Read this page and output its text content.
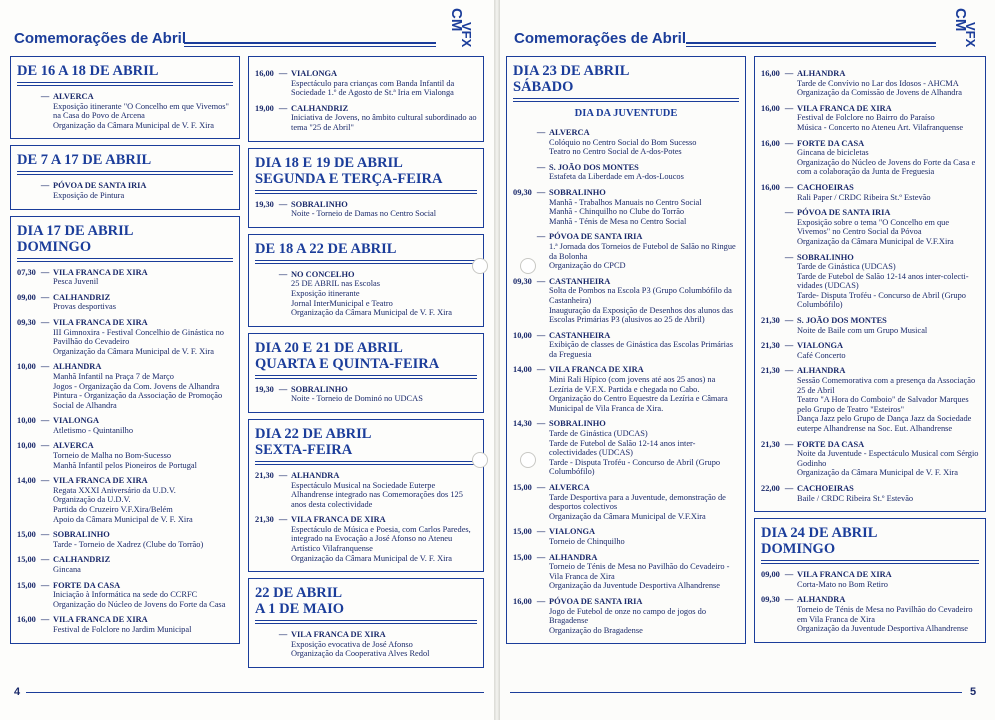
Comemorações de Abril
CM
VFX
DE 16 A 18 DE ABRIL
— ALVERCA
Exposição itinerante "O Concelho em que Vivemos" na Casa do Povo de Arcena
Organização da Câmara Municipal de V. F. Xira
DE 7 A 17 DE ABRIL
— PÓVOA DE SANTA IRIA
Exposição de Pintura
DIA 17 DE ABRIL
DOMINGO
07,30 — VILA FRANCA DE XIRA
Pesca Juvenil
09,00 — CALHANDRIZ
Provas desportivas
09,30 — VILA FRANCA DE XIRA
III Gimnoxira - Festival Concelhio de Ginástica no Pavilhão do Cevadeiro
Organização da Câmara Municipal de V. F. Xira
10,00 — ALHANDRA
Manhã Infantil na Praça 7 de Março
Jogos - Organização da Com. Jovens de Alhandra
Pintura - Organização da Associação de Promoção Social de Alhandra
10,00 — VIALONGA
Atletismo - Quintanilho
10,00 — ALVERCA
Torneio de Malha no Bom-Sucesso
Manhã Infantil pelos Pioneiros de Portugal
14,00 — VILA FRANCA DE XIRA
Regata XXXI Aniversário da U.D.V.
Organização da U.D.V.
Partida do Cruzeiro V.F.Xira/Belém
Apoio da Câmara Municipal de V. F. Xira
15,00 — SOBRALINHO
Tarde - Torneio de Xadrez (Clube do Torrão)
15,00 — CALHANDRIZ
Gincana
15,00 — FORTE DA CASA
Iniciação à Informática na sede do CCRFC
Organização do Núcleo de Jovens do Forte da Casa
16,00 — VILA FRANCA DE XIRA
Festival de Folclore no Jardim Municipal
16,00 — VIALONGA
Espectáculo para crianças com Banda Infantil da Sociedade 1.º de Agosto de St.ª Iria em Vialonga
19,00 — CALHANDRIZ
Iniciativa de Jovens, no âmbito cultural subordinado ao tema "25 de Abril"
DIA 18 E 19 DE ABRIL
SEGUNDA E TERÇA-FEIRA
19,30 — SOBRALINHO
Noite - Torneio de Damas no Centro Social
DE 18 A 22 DE ABRIL
— NO CONCELHO
25 DE ABRIL nas Escolas
Exposição itinerante
Jornal InterMunicipal e Teatro
Organização da Câmara Municipal de V. F. Xira
DIA 20 E 21 DE ABRIL
QUARTA E QUINTA-FEIRA
19,30 — SOBRALINHO
Noite - Torneio de Dominó no UDCAS
DIA 22 DE ABRIL
SEXTA-FEIRA
21,30 — ALHANDRA
Espectáculo Musical na Sociedade Euterpe Alhandrense integrado nas Comemorações dos 125 anos desta colectividade
21,30 — VILA FRANCA DE XIRA
Espectáculo de Música e Poesia, com Carlos Paredes, integrado na Evocação a José Afonso no Ateneu Artístico Vilafranquense
Organização da Câmara Municipal de V. F. Xira
22 DE ABRIL
A 1 DE MAIO
— VILA FRANCA DE XIRA
Exposição evocativa de José Afonso
Organização da Cooperativa Alves Redol
4
Comemorações de Abril
CM
VFX
DIA 23 DE ABRIL
SÁBADO
DIA DA JUVENTUDE
— ALVERCA
Colóquio no Centro Social do Bom Sucesso
Teatro no Centro Social de A-dos-Potes
— S. JOÃO DOS MONTES
Estafeta da Liberdade em A-dos-Loucos
09,30 — SOBRALINHO
Manhã - Trabalhos Manuais no Centro Social
Manhã - Chinquilho no Clube do Torrão
Manhã - Ténis de Mesa no Centro Social
— PÓVOA DE SANTA IRIA
1.ª Jornada dos Torneios de Futebol de Salão no Ringue da Bolonha
Organização do CPCD
09,30 — CASTANHEIRA
Solta de Pombos na Escola P3 (Grupo Columbófilo da Castanheira)
Inauguração da Exposição de Desenhos dos alunos das Escolas Primárias P3 (alusivos ao 25 de Abril)
10,00 — CASTANHEIRA
Exibição de classes de Ginástica das Escolas Primárias da Freguesia
14,00 — VILA FRANCA DE XIRA
Mini Rali Hípico (com jovens até aos 25 anos) na Lezíria de V.F.X. Partida e chegada no Cabo.
Organização do Centro Equestre da Lezíria e Câmara Municipal de Vila Franca de Xira.
14,30 — SOBRALINHO
Tarde de Ginástica (UDCAS)
Tarde de Futebol de Salão 12-14 anos inter-colectividades (UDCAS)
Tarde - Disputa Troféu - Concurso de Abril (Grupo Columbófilo)
15,00 — ALVERCA
Tarde Desportiva para a Juventude, demonstração de desportos colectivos
Organização da Câmara Municipal de V.F.Xira
15,00 — VIALONGA
Torneio de Chinquilho
15,00 — ALHANDRA
Torneio de Ténis de Mesa no Pavilhão do Cevadeiro - Vila Franca de Xira
Organização da Juventude Desportiva Alhandrense
16,00 — PÓVOA DE SANTA IRIA
Jogo de Futebol de onze no campo de jogos do Bragadense
Organização do Bragadense
16,00 — ALHANDRA
Tarde de Convívio no Lar dos Idosos - AHCMA
Organização da Comissão de Jovens de Alhandra
16,00 — VILA FRANCA DE XIRA
Festival de Folclore no Bairro do Paraíso
Música - Concerto no Ateneu Art. Vilafranquense
16,00 — FORTE DA CASA
Gincana de bicicletas
Organização do Núcleo de Jovens do Forte da Casa e com a colaboração da Junta de Freguesia
16,00 — CACHOEIRAS
Rali Paper / CRDC Ribeira St.º Estevão
— PÓVOA DE SANTA IRIA
Exposição sobre o tema "O Concelho em que Vivemos" no Centro Social da Póvoa
Organização da Câmara Municipal de V.F.Xira
— SOBRALINHO
Tarde de Ginástica (UDCAS)
Tarde de Futebol de Salão 12-14 anos inter-colecti-vidades (UDCAS)
Tarde- Disputa Troféu - Concurso de Abril (Grupo Columbófilo)
21,30 — S. JOÃO DOS MONTES
Noite de Baile com um Grupo Musical
21,30 — VIALONGA
Café Concerto
21,30 — ALHANDRA
Sessão Comemorativa com a presença da Associação 25 de Abril
Teatro "A Hora do Comboio" de Salvador Marques pelo Grupo de Teatro "Esteiros"
Dança Jazz pelo Grupo de Dança Jazz da Sociedade euterpe Alhandrense na Soc. Eut. Alhandrense
21,30 — FORTE DA CASA
Noite da Juventude - Espectáculo Musical com Sérgio Godinho
Organização da Câmara Municipal de V. F. Xira
22,00 — CACHOEIRAS
Baile / CRDC Ribeira St.º Estevão
DIA 24 DE ABRIL
DOMINGO
09,00 — VILA FRANCA DE XIRA
Corta-Mato no Bom Retiro
09,30 — ALHANDRA
Torneio de Ténis de Mesa no Pavilhão do Cevadeiro em Vila Franca de Xira
Organização da Juventude Desportiva Alhandrense
5
